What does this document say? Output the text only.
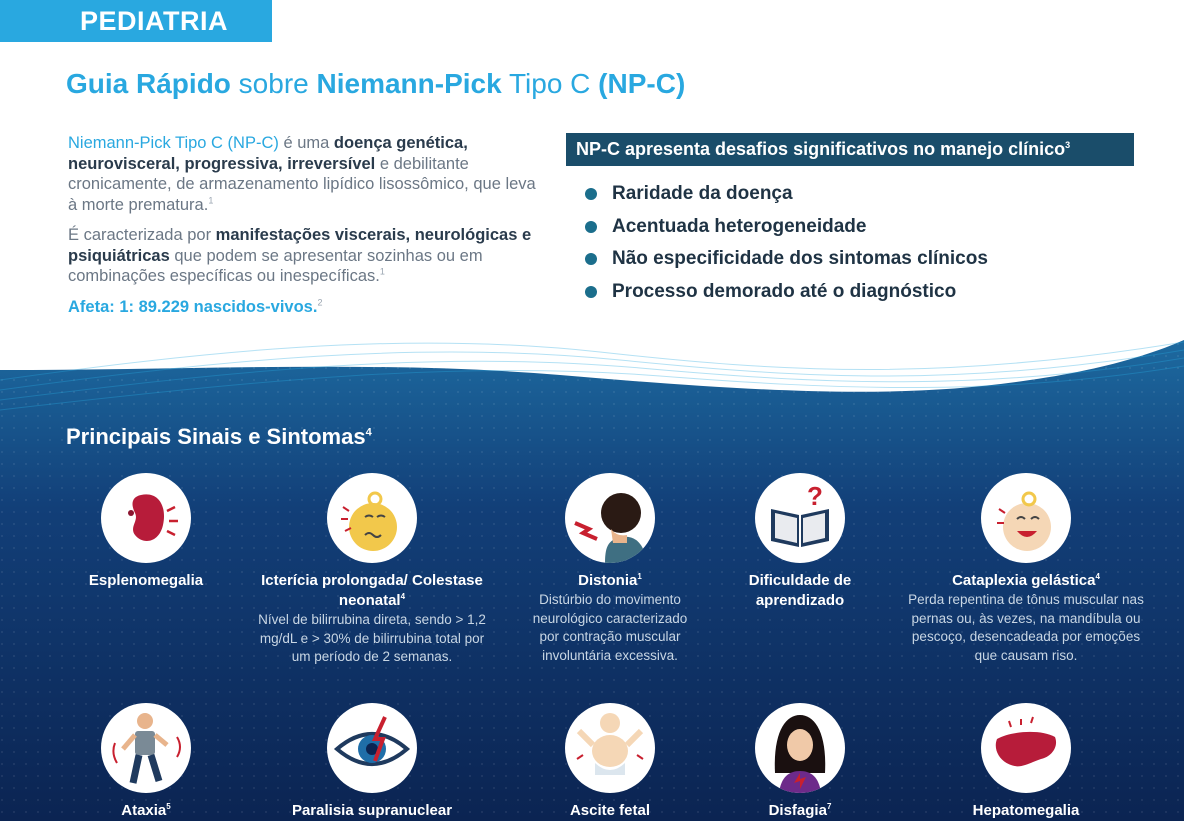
PEDIATRIA
Guia Rápido sobre Niemann-Pick Tipo C (NP-C)

Niemann-Pick Tipo C (NP-C) é uma doença genética, neurovisceral, progressiva, irreversível e debilitante cronicamente, de armazenamento lipídico lisossômico, que leva à morte prematura.$^1$

É caracterizada por manifestações viscerais, neurológicas e psiquiátricas que podem se apresentar sozinhas ou em combinações específicas ou inespecíficas.$^1$

Afeta: 1: 89.229 nascidos-vivos.$^2$

NP-C apresenta desafios significativos no manejo clínico$^3$
Raridade da doença
Acentuada heterogeneidade
Não especificidade dos sintomas clínicos
Processo demorado até o diagnóstico
Principais Sinais e Sintomas$^4$
Esplenomegalia	Icterícia prolongada/ Colestase neonatal$^4$
Nível de bilirrubina direta, sendo > 1,2 mg/dL e > 30% de bilirrubina total por um período de 2 semanas.
Distonia$^1$
Distúrbio do movimento neurológico caracterizado por contração muscular involuntária excessiva.
?
Dificuldade de aprendizado
Cataplexia gelástica$^4$
Perda repentina de tônus muscular nas pernas ou, às vezes, na mandíbula ou pescoço, desencadeada por emoções que causam riso.
Ataxia$^5$	Paralisia supranuclear	Ascite fetal	Disfagia$^7$	Hepatomegalia
